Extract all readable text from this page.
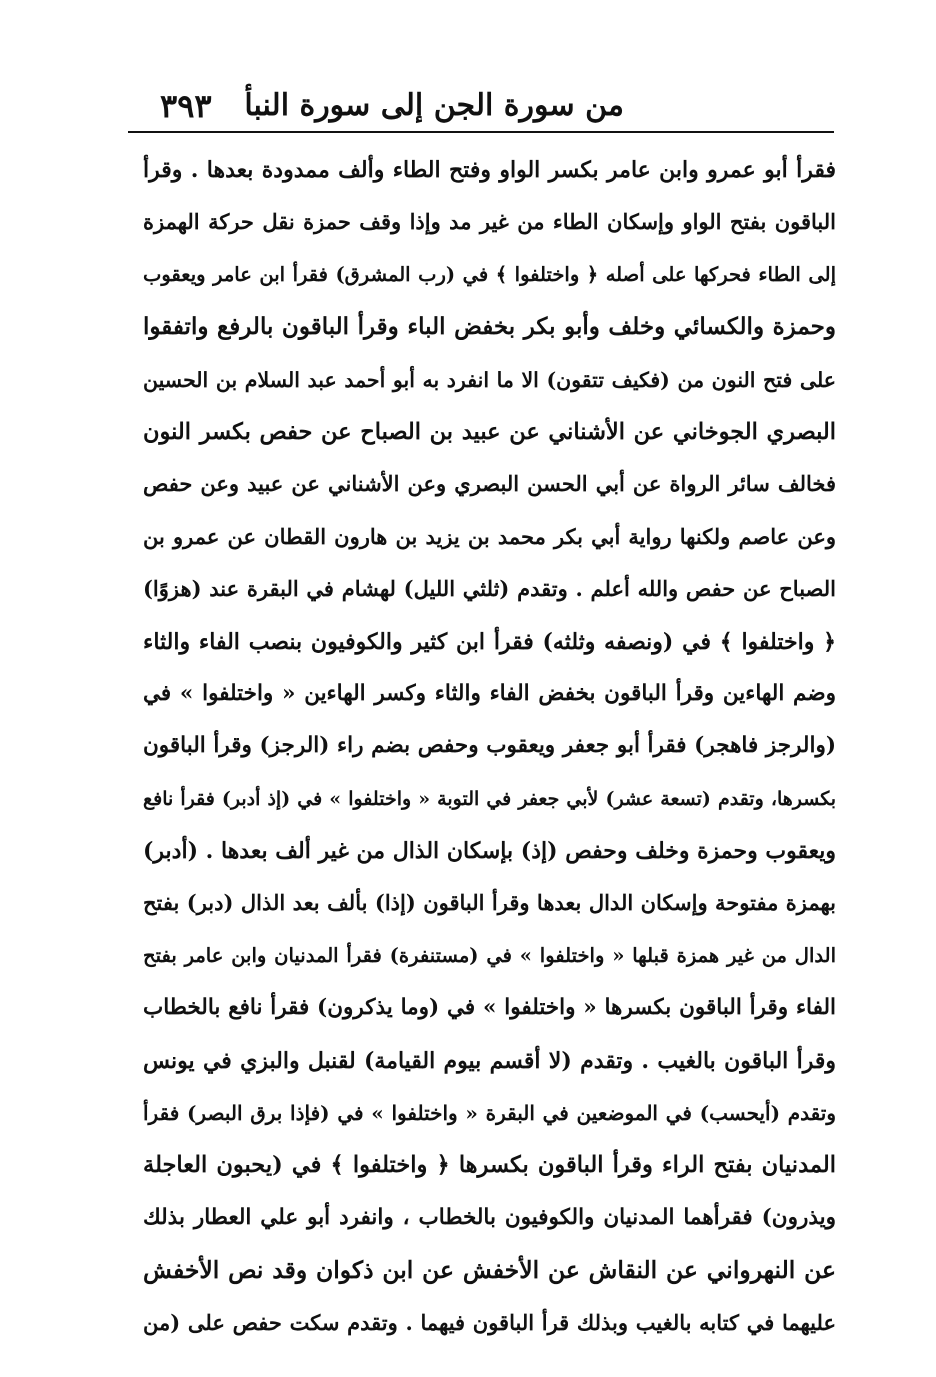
من سورة الجن إلى سورة النبأ
٣٩٣
فقرأ أبو عمرو وابن عامر بكسر الواو وفتح الطاء وألف ممدودة بعدها . وقرأ
الباقون بفتح الواو وإسكان الطاء من غير مد وإذا وقف حمزة نقل حركة الهمزة
إلى الطاء فحركها على أصله ﴿ واختلفوا ﴾ في (رب المشرق) فقرأ ابن عامر ويعقوب
وحمزة والكسائي وخلف وأبو بكر بخفض الباء وقرأ الباقون بالرفع واتفقوا
على فتح النون من (فكيف تتقون) الا ما انفرد به أبو أحمد عبد السلام بن الحسين
البصري الجوخاني عن الأشناني عن عبيد بن الصباح عن حفص بكسر النون
فخالف سائر الرواة عن أبي الحسن البصري وعن الأشناني عن عبيد وعن حفص
وعن عاصم ولكنها رواية أبي بكر محمد بن يزيد بن هارون القطان عن عمرو بن
الصباح عن حفص والله أعلم . وتقدم (ثلثي الليل) لهشام في البقرة عند (هزوًا)
﴿ واختلفوا ﴾ في (ونصفه وثلثه) فقرأ ابن كثير والكوفيون بنصب الفاء والثاء
وضم الهاءين وقرأ الباقون بخفض الفاء والثاء وكسر الهاءين « واختلفوا » في
(والرجز فاهجر) فقرأ أبو جعفر ويعقوب وحفص بضم راء (الرجز) وقرأ الباقون
بكسرها، وتقدم (تسعة عشر) لأبي جعفر في التوبة « واختلفوا » في (إذ أدبر) فقرأ نافع
ويعقوب وحمزة وخلف وحفص (إذ) بإسكان الذال من غير ألف بعدها . (أدبر)
بهمزة مفتوحة وإسكان الدال بعدها وقرأ الباقون (إذا) بألف بعد الذال (دبر) بفتح
الدال من غير همزة قبلها « واختلفوا » في (مستنفرة) فقرأ المدنيان وابن عامر بفتح
الفاء وقرأ الباقون بكسرها « واختلفوا » في (وما يذكرون) فقرأ نافع بالخطاب
وقرأ الباقون بالغيب . وتقدم (لا أقسم بيوم القيامة) لقنبل والبزي في يونس
وتقدم (أيحسب) في الموضعين في البقرة « واختلفوا » في (فإذا برق البصر) فقرأ
المدنيان بفتح الراء وقرأ الباقون بكسرها ﴿ واختلفوا ﴾ في (يحبون العاجلة
ويذرون) فقرأهما المدنيان والكوفيون بالخطاب ، وانفرد أبو علي العطار بذلك
عن النهرواني عن النقاش عن الأخفش عن ابن ذكوان وقد نص الأخفش
عليهما في كتابه بالغيب وبذلك قرأ الباقون فيهما . وتقدم سكت حفص على (من
